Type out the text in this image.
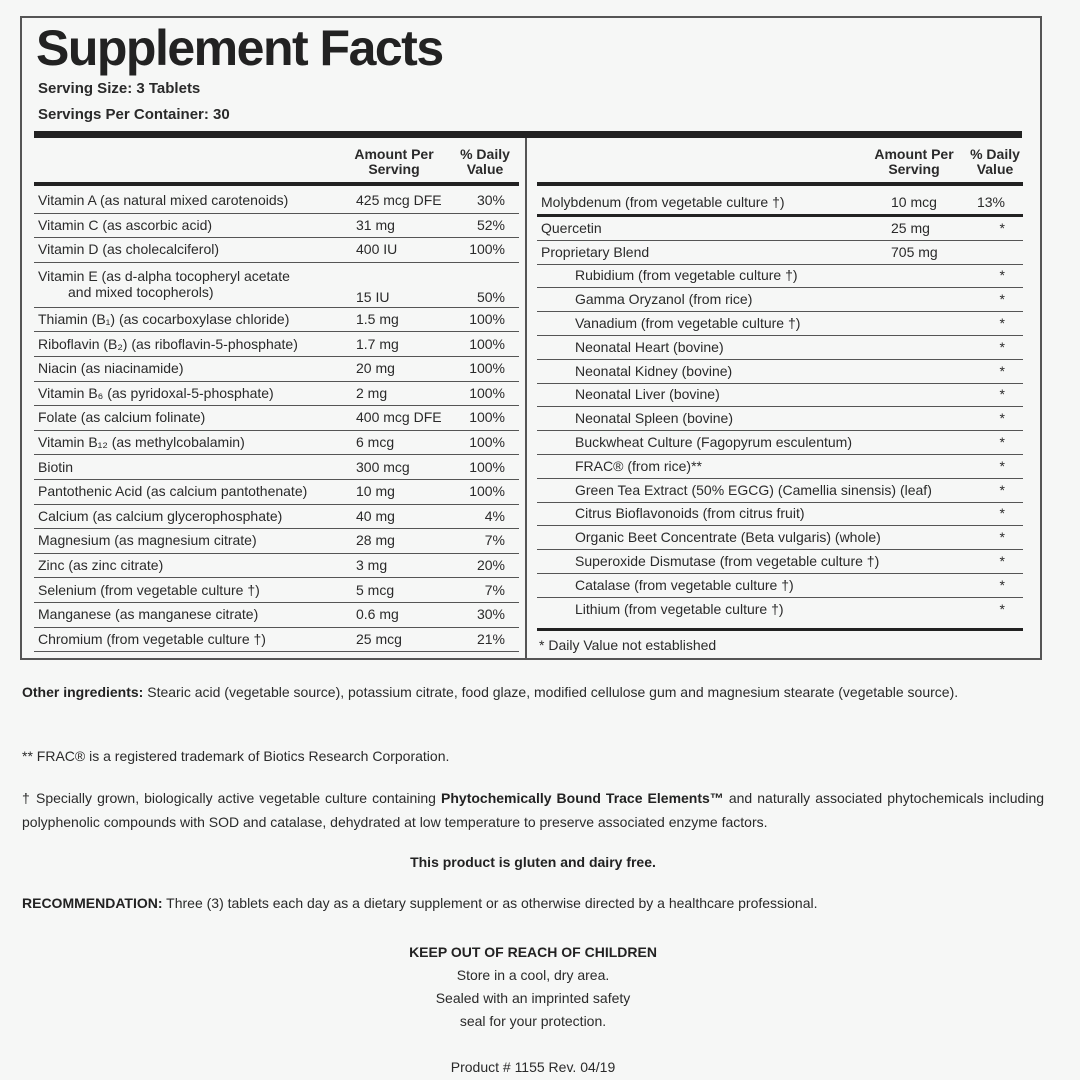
Supplement Facts
Serving Size: 3 Tablets
Servings Per Container: 30
Amount Per
Serving
% Daily
Value
Vitamin A (as natural mixed carotenoids)	425 mcg DFE	30%
Vitamin C (as ascorbic acid)	31 mg	52%
Vitamin D (as cholecalciferol)	400 IU	100%
Vitamin E (as d-alpha tocopheryl acetate
and mixed tocopherols)	15 IU	50%
Thiamin (B₁) (as cocarboxylase chloride)	1.5 mg	100%
Riboflavin (B₂) (as riboflavin-5-phosphate)	1.7 mg	100%
Niacin (as niacinamide)	20 mg	100%
Vitamin B₆ (as pyridoxal-5-phosphate)	2 mg	100%
Folate (as calcium folinate)	400 mcg DFE 100%
Vitamin B₁₂ (as methylcobalamin)	6 mcg	100%
Biotin	300 mcg	100%
Pantothenic Acid (as calcium pantothenate)	10 mg	100%
Calcium (as calcium glycerophosphate)	40 mg	4%
Magnesium (as magnesium citrate)	28 mg	7%
Zinc (as zinc citrate)	3 mg	20%
Selenium (from vegetable culture †)	5 mcg	7%
Manganese (as manganese citrate)	0.6 mg	30%
Chromium (from vegetable culture †)	25 mcg	21%
Amount Per
Serving
% Daily
Value
* Daily Value not established
Molybdenum (from vegetable culture †)	10 mcg	13%
Quercetin	25 mg	*
Proprietary Blend	705 mg
Rubidium (from vegetable culture †)	*
Gamma Oryzanol (from rice)	*
Vanadium (from vegetable culture †)	*
Neonatal Heart (bovine)	*
Neonatal Kidney (bovine)	*
Neonatal Liver (bovine)	*
Neonatal Spleen (bovine)	*
Buckwheat Culture (Fagopyrum esculentum)	*
FRAC® (from rice)**	*
Green Tea Extract (50% EGCG) (Camellia sinensis) (leaf)	*
Citrus Bioflavonoids (from citrus fruit)	*
Organic Beet Concentrate (Beta vulgaris) (whole)	*
Superoxide Dismutase (from vegetable culture †)	*
Catalase (from vegetable culture †)	*
Lithium (from vegetable culture †)	*
Other ingredients: Stearic acid (vegetable source), potassium citrate, food glaze, modified cellulose gum and magnesium stearate (vegetable source).
** FRAC® is a registered trademark of Biotics Research Corporation.
† Specially grown, biologically active vegetable culture containing Phytochemically Bound Trace Elements™ and naturally associated phytochemicals including polyphenolic compounds with SOD and catalase, dehydrated at low temperature to preserve associated enzyme factors.
This product is gluten and dairy free.
RECOMMENDATION: Three (3) tablets each day as a dietary supplement or as otherwise directed by a healthcare professional.
KEEP OUT OF REACH OF CHILDREN
Store in a cool, dry area.
Sealed with an imprinted safety
seal for your protection.
Product # 1155 Rev. 04/19
